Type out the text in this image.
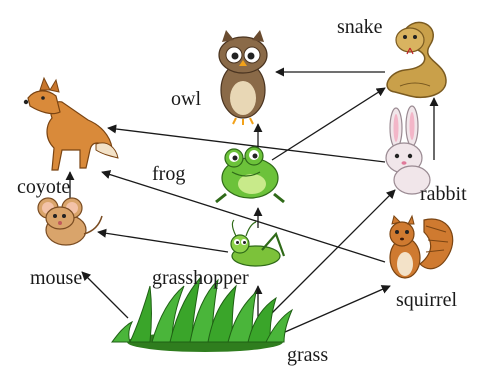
snake
owl
frog
coyote	rabbit
mouse	grasshopper
squirrel
grass
